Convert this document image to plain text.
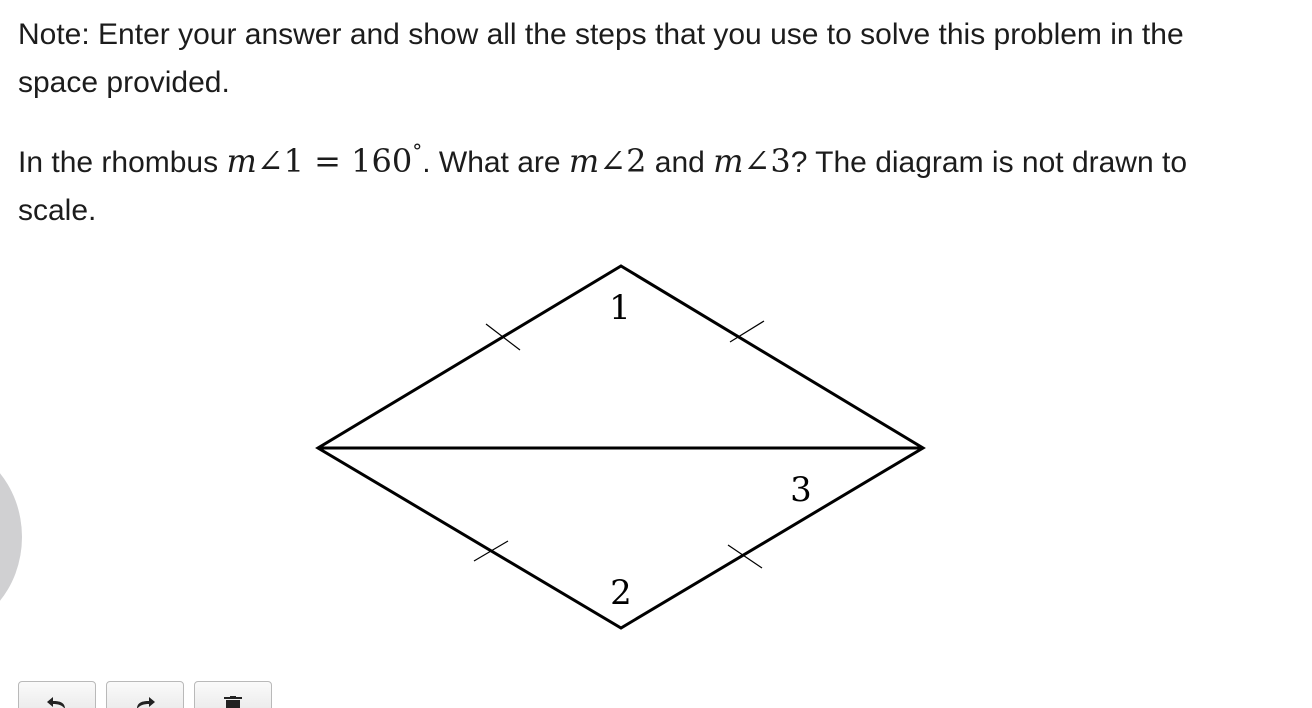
Note: Enter your answer and show all the steps that you use to solve this problem in the space provided.

In the rhombus m∠1 = 160°. What are m∠2 and m∠3? The diagram is not drawn to scale.

1
3
2
